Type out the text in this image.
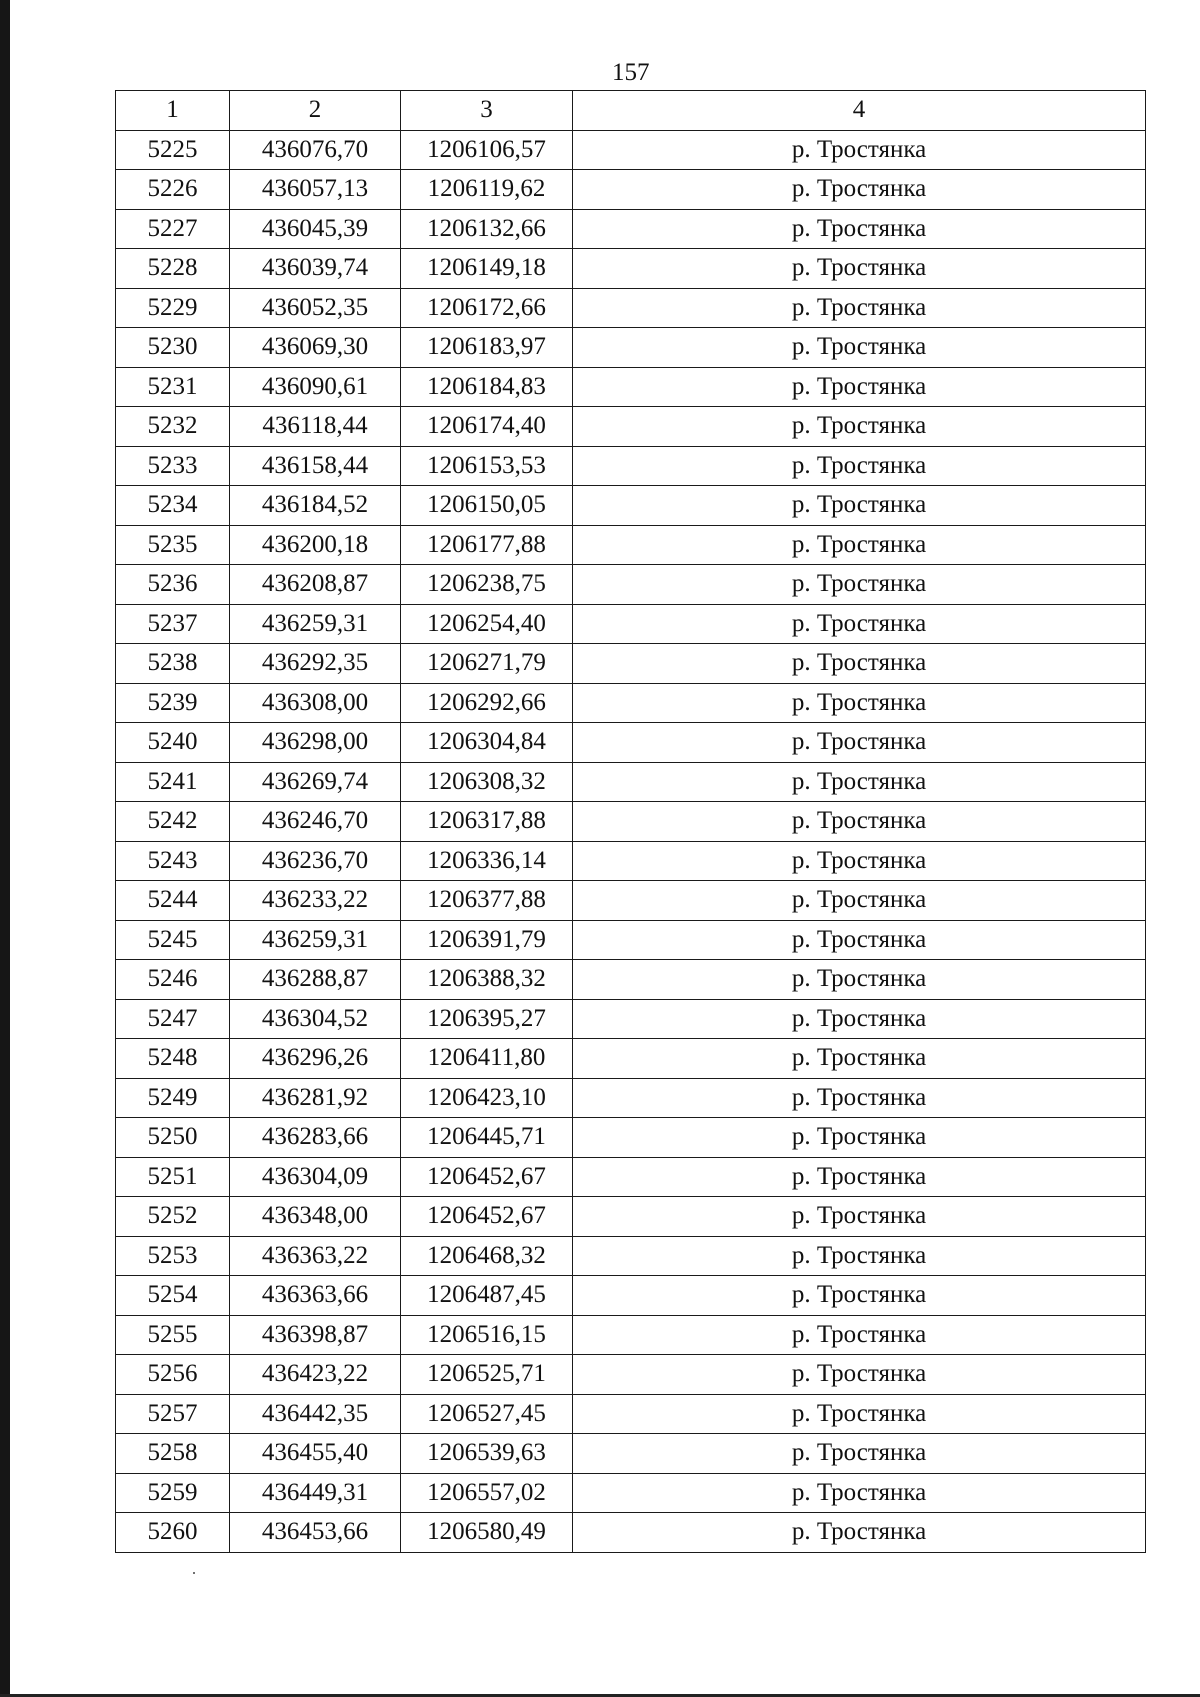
157
1	2	3	4
5225	436076,70	1206106,57	р. Тростянка
5226	436057,13	1206119,62	р. Тростянка
5227	436045,39	1206132,66	р. Тростянка
5228	436039,74	1206149,18	р. Тростянка
5229	436052,35	1206172,66	р. Тростянка
5230	436069,30	1206183,97	р. Тростянка
5231	436090,61	1206184,83	р. Тростянка
5232	436118,44	1206174,40	р. Тростянка
5233	436158,44	1206153,53	р. Тростянка
5234	436184,52	1206150,05	р. Тростянка
5235	436200,18	1206177,88	р. Тростянка
5236	436208,87	1206238,75	р. Тростянка
5237	436259,31	1206254,40	р. Тростянка
5238	436292,35	1206271,79	р. Тростянка
5239	436308,00	1206292,66	р. Тростянка
5240	436298,00	1206304,84	р. Тростянка
5241	436269,74	1206308,32	р. Тростянка
5242	436246,70	1206317,88	р. Тростянка
5243	436236,70	1206336,14	р. Тростянка
5244	436233,22	1206377,88	р. Тростянка
5245	436259,31	1206391,79	р. Тростянка
5246	436288,87	1206388,32	р. Тростянка
5247	436304,52	1206395,27	р. Тростянка
5248	436296,26	1206411,80	р. Тростянка
5249	436281,92	1206423,10	р. Тростянка
5250	436283,66	1206445,71	р. Тростянка
5251	436304,09	1206452,67	р. Тростянка
5252	436348,00	1206452,67	р. Тростянка
5253	436363,22	1206468,32	р. Тростянка
5254	436363,66	1206487,45	р. Тростянка
5255	436398,87	1206516,15	р. Тростянка
5256	436423,22	1206525,71	р. Тростянка
5257	436442,35	1206527,45	р. Тростянка
5258	436455,40	1206539,63	р. Тростянка
5259	436449,31	1206557,02	р. Тростянка
5260	436453,66	1206580,49	р. Тростянка
